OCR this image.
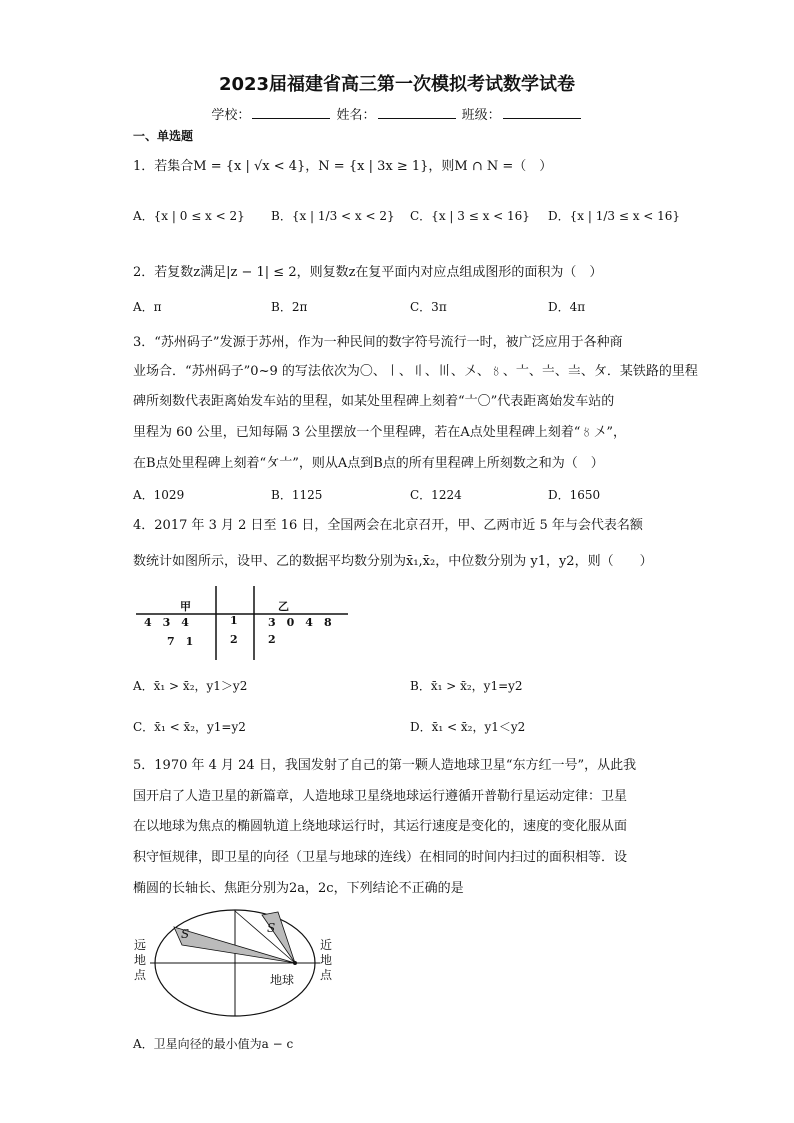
2023届福建省高三第一次模拟考试数学试卷
学校：	姓名：	班级：
一、单选题
1．若集合M = {x | √x < 4}，N = {x | 3x ≥ 1}，则M ∩ N =（　）
A．{x | 0 ≤ x < 2} B．{x | 1/3 < x < 2} C．{x | 3 ≤ x < 16} D．{x | 1/3 ≤ x < 16}
2．若复数z满足|z − 1| ≤ 2，则复数z在复平面内对应点组成图形的面积为（　）
A．π	B．2π	C．3π	D．4π
3．“苏州码子”发源于苏州，作为一种民间的数字符号流行一时，被广泛应用于各种商
业场合．“苏州码子”0~9 的写法依次为〇、〡、〢、〣、〤、〥、〦、〧、〨、〩．某铁路的里程
碑所刻数代表距离始发车站的里程，如某处里程碑上刻着“〦〇”代表距离始发车站的
里程为 60 公里，已知每隔 3 公里摆放一个里程碑，若在A点处里程碑上刻着“〥〤”，
在B点处里程碑上刻着“〩〦”，则从A点到B点的所有里程碑上所刻数之和为（　）
A．1029	B．1125	C．1224	D．1650
4．2017 年 3 月 2 日至 16 日，全国两会在北京召开，甲、乙两市近 5 年与会代表名额
数统计如图所示，设甲、乙的数据平均数分别为x̄₁,x̄₂，中位数分别为 y1，y2，则（　　）
甲	乙
4　3　4	1	3　0　4　8
7　1	2	2
A．x̄₁ > x̄₂，y1＞y2	B．x̄₁ > x̄₂，y1=y2
C．x̄₁ < x̄₂，y1=y2	D．x̄₁ < x̄₂，y1＜y2
5．1970 年 4 月 24 日，我国发射了自己的第一颗人造地球卫星“东方红一号”，从此我
国开启了人造卫星的新篇章，人造地球卫星绕地球运行遵循开普勒行星运动定律：卫星
在以地球为焦点的椭圆轨道上绕地球运行时，其运行速度是变化的，速度的变化服从面
积守恒规律，即卫星的向径（卫星与地球的连线）在相同的时间内扫过的面积相等．设
椭圆的长轴长、焦距分别为2a，2c，下列结论不正确的是
S	S
远地点
近地点
地球
A．卫星向径的最小值为a − c
